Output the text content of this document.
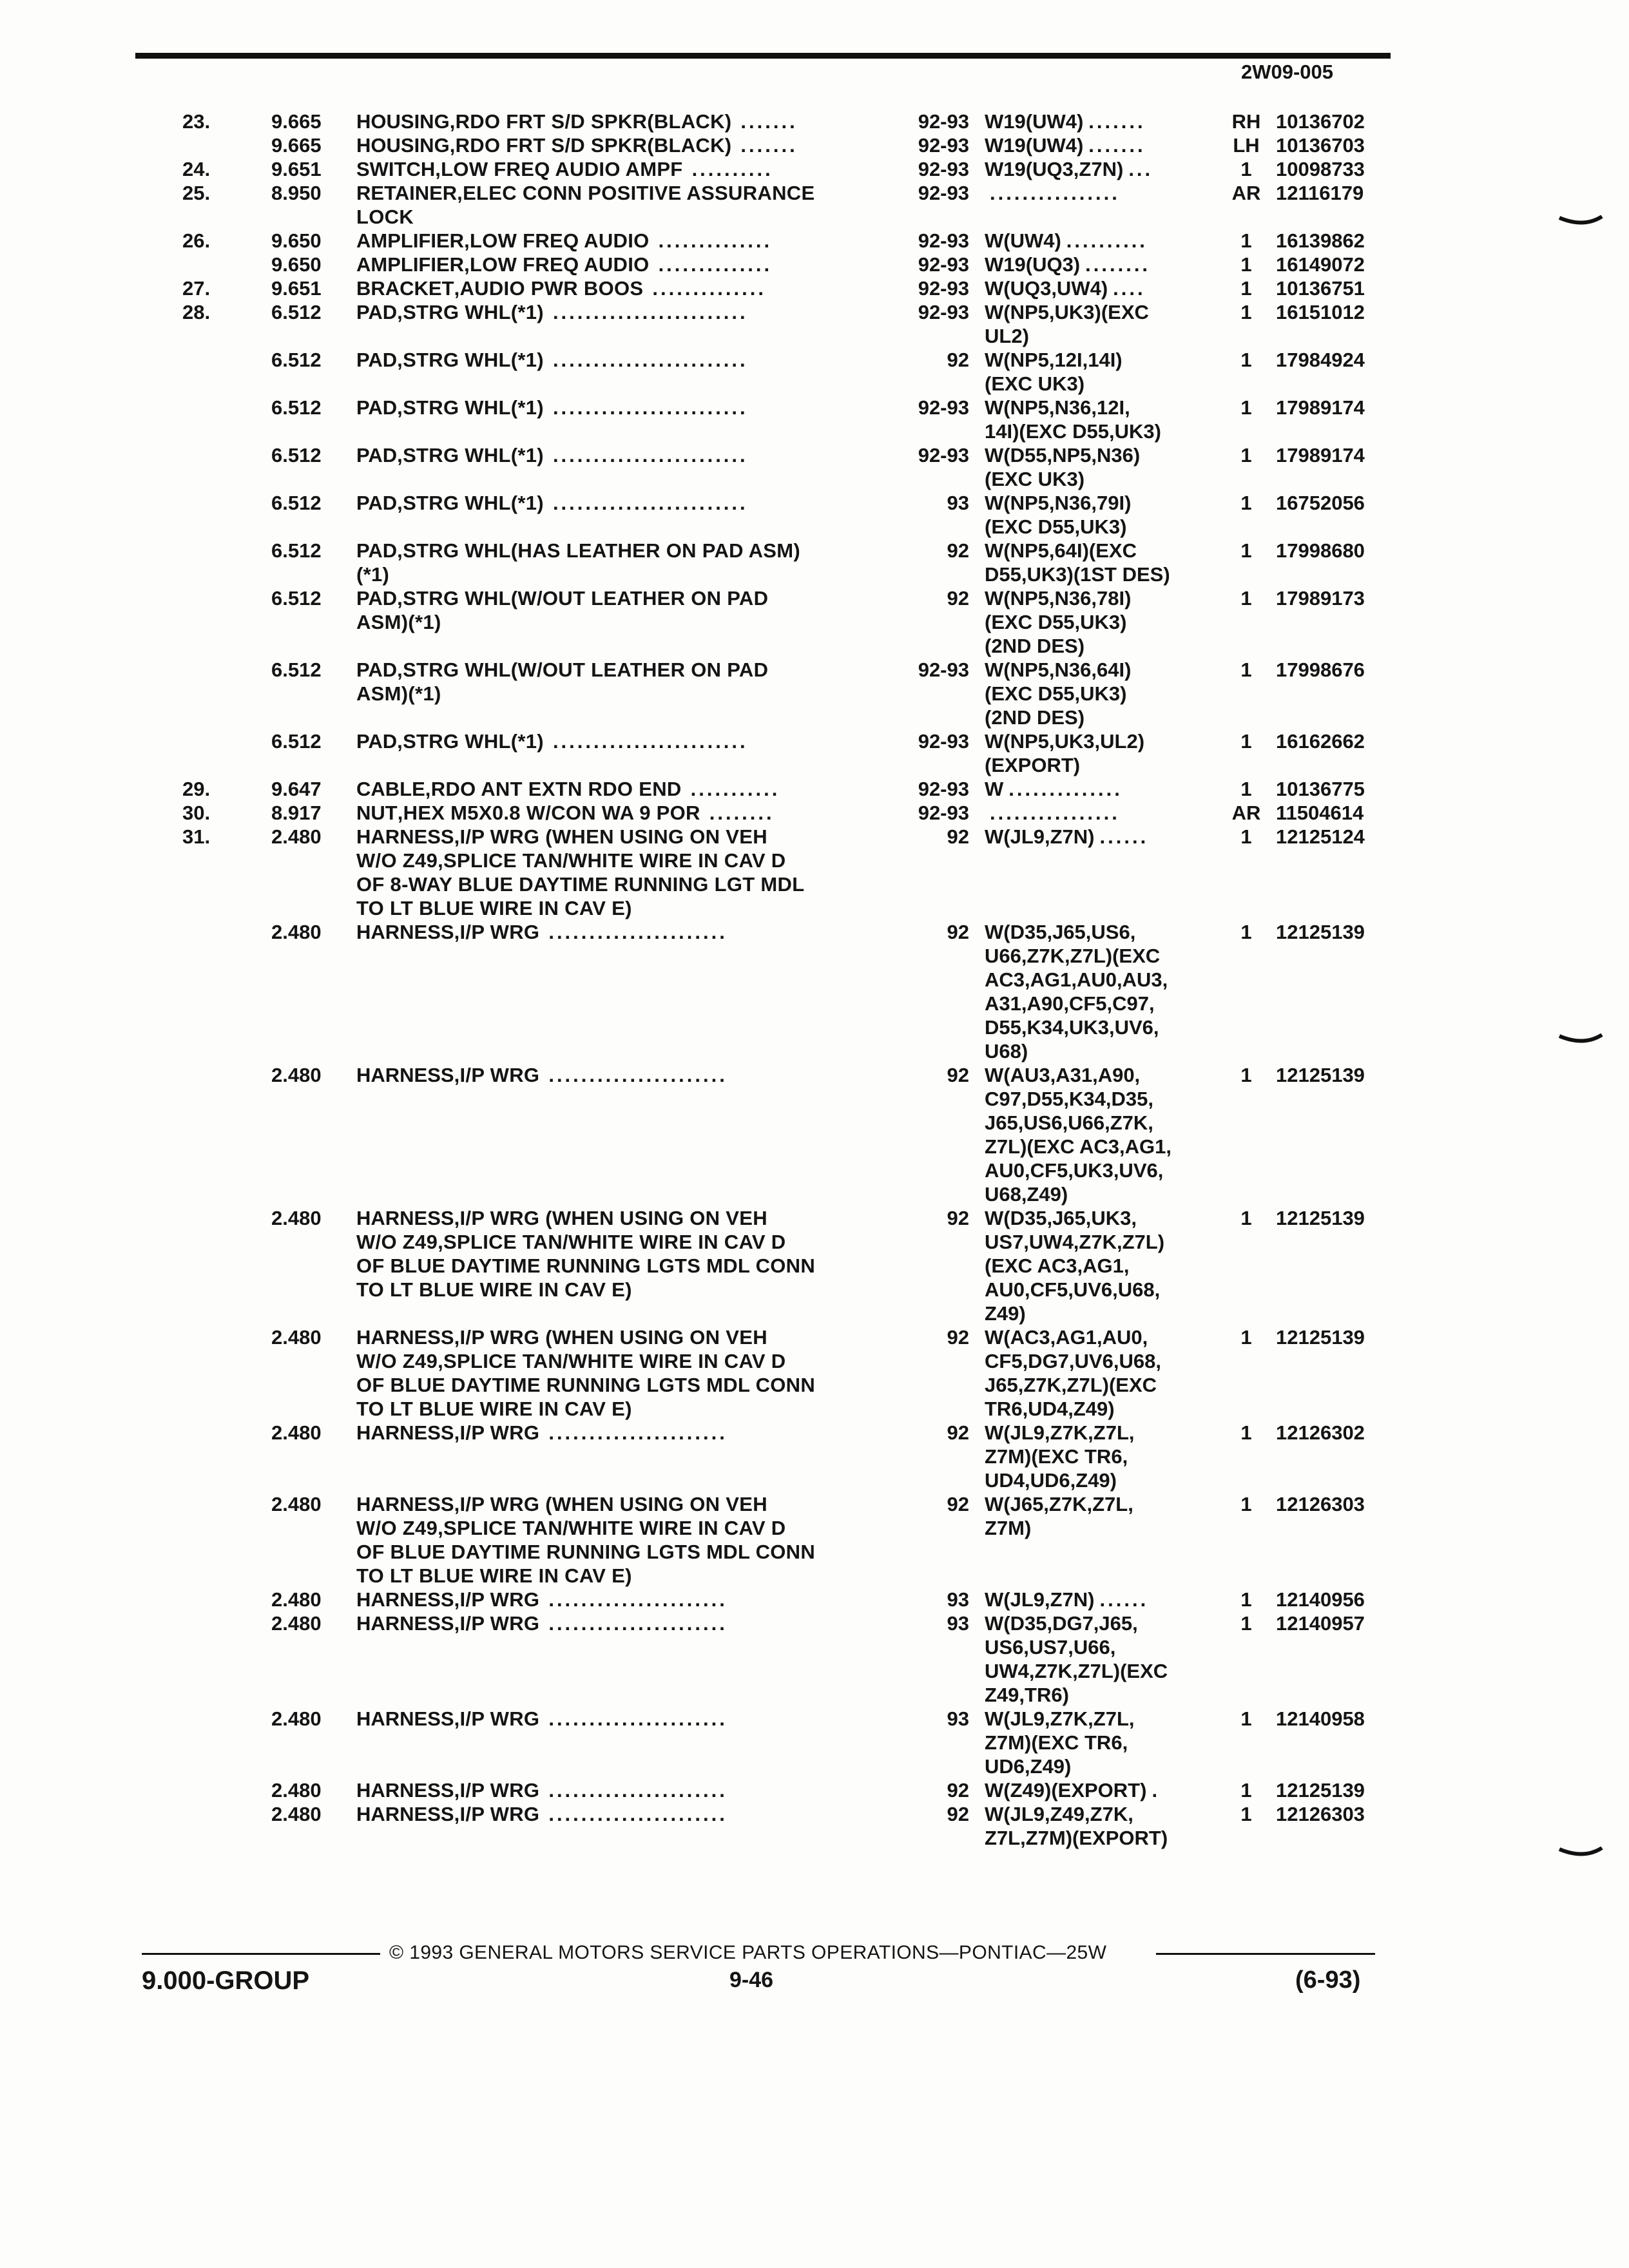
2W09-005
23.	9.665 HOUSING,RDO FRT S/D SPKR(BLACK) .......	92-93 W19(UW4) .......	RH 10136702
9.665 HOUSING,RDO FRT S/D SPKR(BLACK) .......	92-93 W19(UW4) .......	LH 10136703
24.	9.651 SWITCH,LOW FREQ AUDIO AMPF ..........	92-93 W19(UQ3,Z7N) ...	1	10098733
25.	8.950 RETAINER,ELEC CONN POSITIVE ASSURANCE	92-93 ................	AR 12116179
LOCK
26.	9.650 AMPLIFIER,LOW FREQ AUDIO ..............	92-93 W(UW4) ..........	1	16139862
9.650 AMPLIFIER,LOW FREQ AUDIO ..............	92-93 W19(UQ3) ........	1	16149072
27.	9.651 BRACKET,AUDIO PWR BOOS ..............	92-93 W(UQ3,UW4) ....	1	10136751
28.	6.512 PAD,STRG WHL(*1) ........................	92-93 W(NP5,UK3)(EXC	1	16151012
UL2)
6.512 PAD,STRG WHL(*1) ........................	92 W(NP5,12I,14I)	1	17984924
(EXC UK3)
6.512 PAD,STRG WHL(*1) ........................	92-93 W(NP5,N36,12I,	1	17989174
14I)(EXC D55,UK3)
6.512 PAD,STRG WHL(*1) ........................	92-93 W(D55,NP5,N36)	1	17989174
(EXC UK3)
6.512 PAD,STRG WHL(*1) ........................	93 W(NP5,N36,79I)	1	16752056
(EXC D55,UK3)
6.512 PAD,STRG WHL(HAS LEATHER ON PAD ASM)	92 W(NP5,64I)(EXC	1	17998680
(*1)	D55,UK3)(1ST DES)
6.512 PAD,STRG WHL(W/OUT LEATHER ON PAD	92 W(NP5,N36,78I)	1	17989173
ASM)(*1)	(EXC D55,UK3)
(2ND DES)
6.512 PAD,STRG WHL(W/OUT LEATHER ON PAD	92-93 W(NP5,N36,64I)	1	17998676
ASM)(*1)	(EXC D55,UK3)
(2ND DES)
6.512 PAD,STRG WHL(*1) ........................	92-93 W(NP5,UK3,UL2)	1	16162662
(EXPORT)
29.	9.647 CABLE,RDO ANT EXTN RDO END ...........	92-93 W ..............	1	10136775
30.	8.917 NUT,HEX M5X0.8 W/CON WA 9 POR ........	92-93 ................	AR 11504614
31.	2.480 HARNESS,I/P WRG (WHEN USING ON VEH	92 W(JL9,Z7N) ......	1	12125124
W/O Z49,SPLICE TAN/WHITE WIRE IN CAV D
OF 8-WAY BLUE DAYTIME RUNNING LGT MDL
TO LT BLUE WIRE IN CAV E)
2.480 HARNESS,I/P WRG ......................	92 W(D35,J65,US6,	1	12125139
U66,Z7K,Z7L)(EXC
AC3,AG1,AU0,AU3,
A31,A90,CF5,C97,
D55,K34,UK3,UV6,
U68)
2.480 HARNESS,I/P WRG ......................	92 W(AU3,A31,A90,	1	12125139
C97,D55,K34,D35,
J65,US6,U66,Z7K,
Z7L)(EXC AC3,AG1,
AU0,CF5,UK3,UV6,
U68,Z49)
2.480 HARNESS,I/P WRG (WHEN USING ON VEH	92 W(D35,J65,UK3,	1	12125139
W/O Z49,SPLICE TAN/WHITE WIRE IN CAV D	US7,UW4,Z7K,Z7L)
OF BLUE DAYTIME RUNNING LGTS MDL CONN	(EXC AC3,AG1,
TO LT BLUE WIRE IN CAV E)	AU0,CF5,UV6,U68,
Z49)
2.480 HARNESS,I/P WRG (WHEN USING ON VEH	92 W(AC3,AG1,AU0,	1	12125139
W/O Z49,SPLICE TAN/WHITE WIRE IN CAV D	CF5,DG7,UV6,U68,
OF BLUE DAYTIME RUNNING LGTS MDL CONN	J65,Z7K,Z7L)(EXC
TO LT BLUE WIRE IN CAV E)	TR6,UD4,Z49)
2.480 HARNESS,I/P WRG ......................	92 W(JL9,Z7K,Z7L,	1	12126302
Z7M)(EXC TR6,
UD4,UD6,Z49)
2.480 HARNESS,I/P WRG (WHEN USING ON VEH	92 W(J65,Z7K,Z7L,	1	12126303
W/O Z49,SPLICE TAN/WHITE WIRE IN CAV D	Z7M)
OF BLUE DAYTIME RUNNING LGTS MDL CONN
TO LT BLUE WIRE IN CAV E)
2.480 HARNESS,I/P WRG ......................	93 W(JL9,Z7N) ......	1	12140956
2.480 HARNESS,I/P WRG ......................	93 W(D35,DG7,J65,	1	12140957
US6,US7,U66,
UW4,Z7K,Z7L)(EXC
Z49,TR6)
2.480 HARNESS,I/P WRG ......................	93 W(JL9,Z7K,Z7L,	1	12140958
Z7M)(EXC TR6,
UD6,Z49)
2.480 HARNESS,I/P WRG ......................	92 W(Z49)(EXPORT) .	1	12125139
2.480 HARNESS,I/P WRG ......................	92 W(JL9,Z49,Z7K,	1	12126303
Z7L,Z7M)(EXPORT)
© 1993 GENERAL MOTORS SERVICE PARTS OPERATIONS—PONTIAC—25W
9.000-GROUP	9-46	(6-93)
